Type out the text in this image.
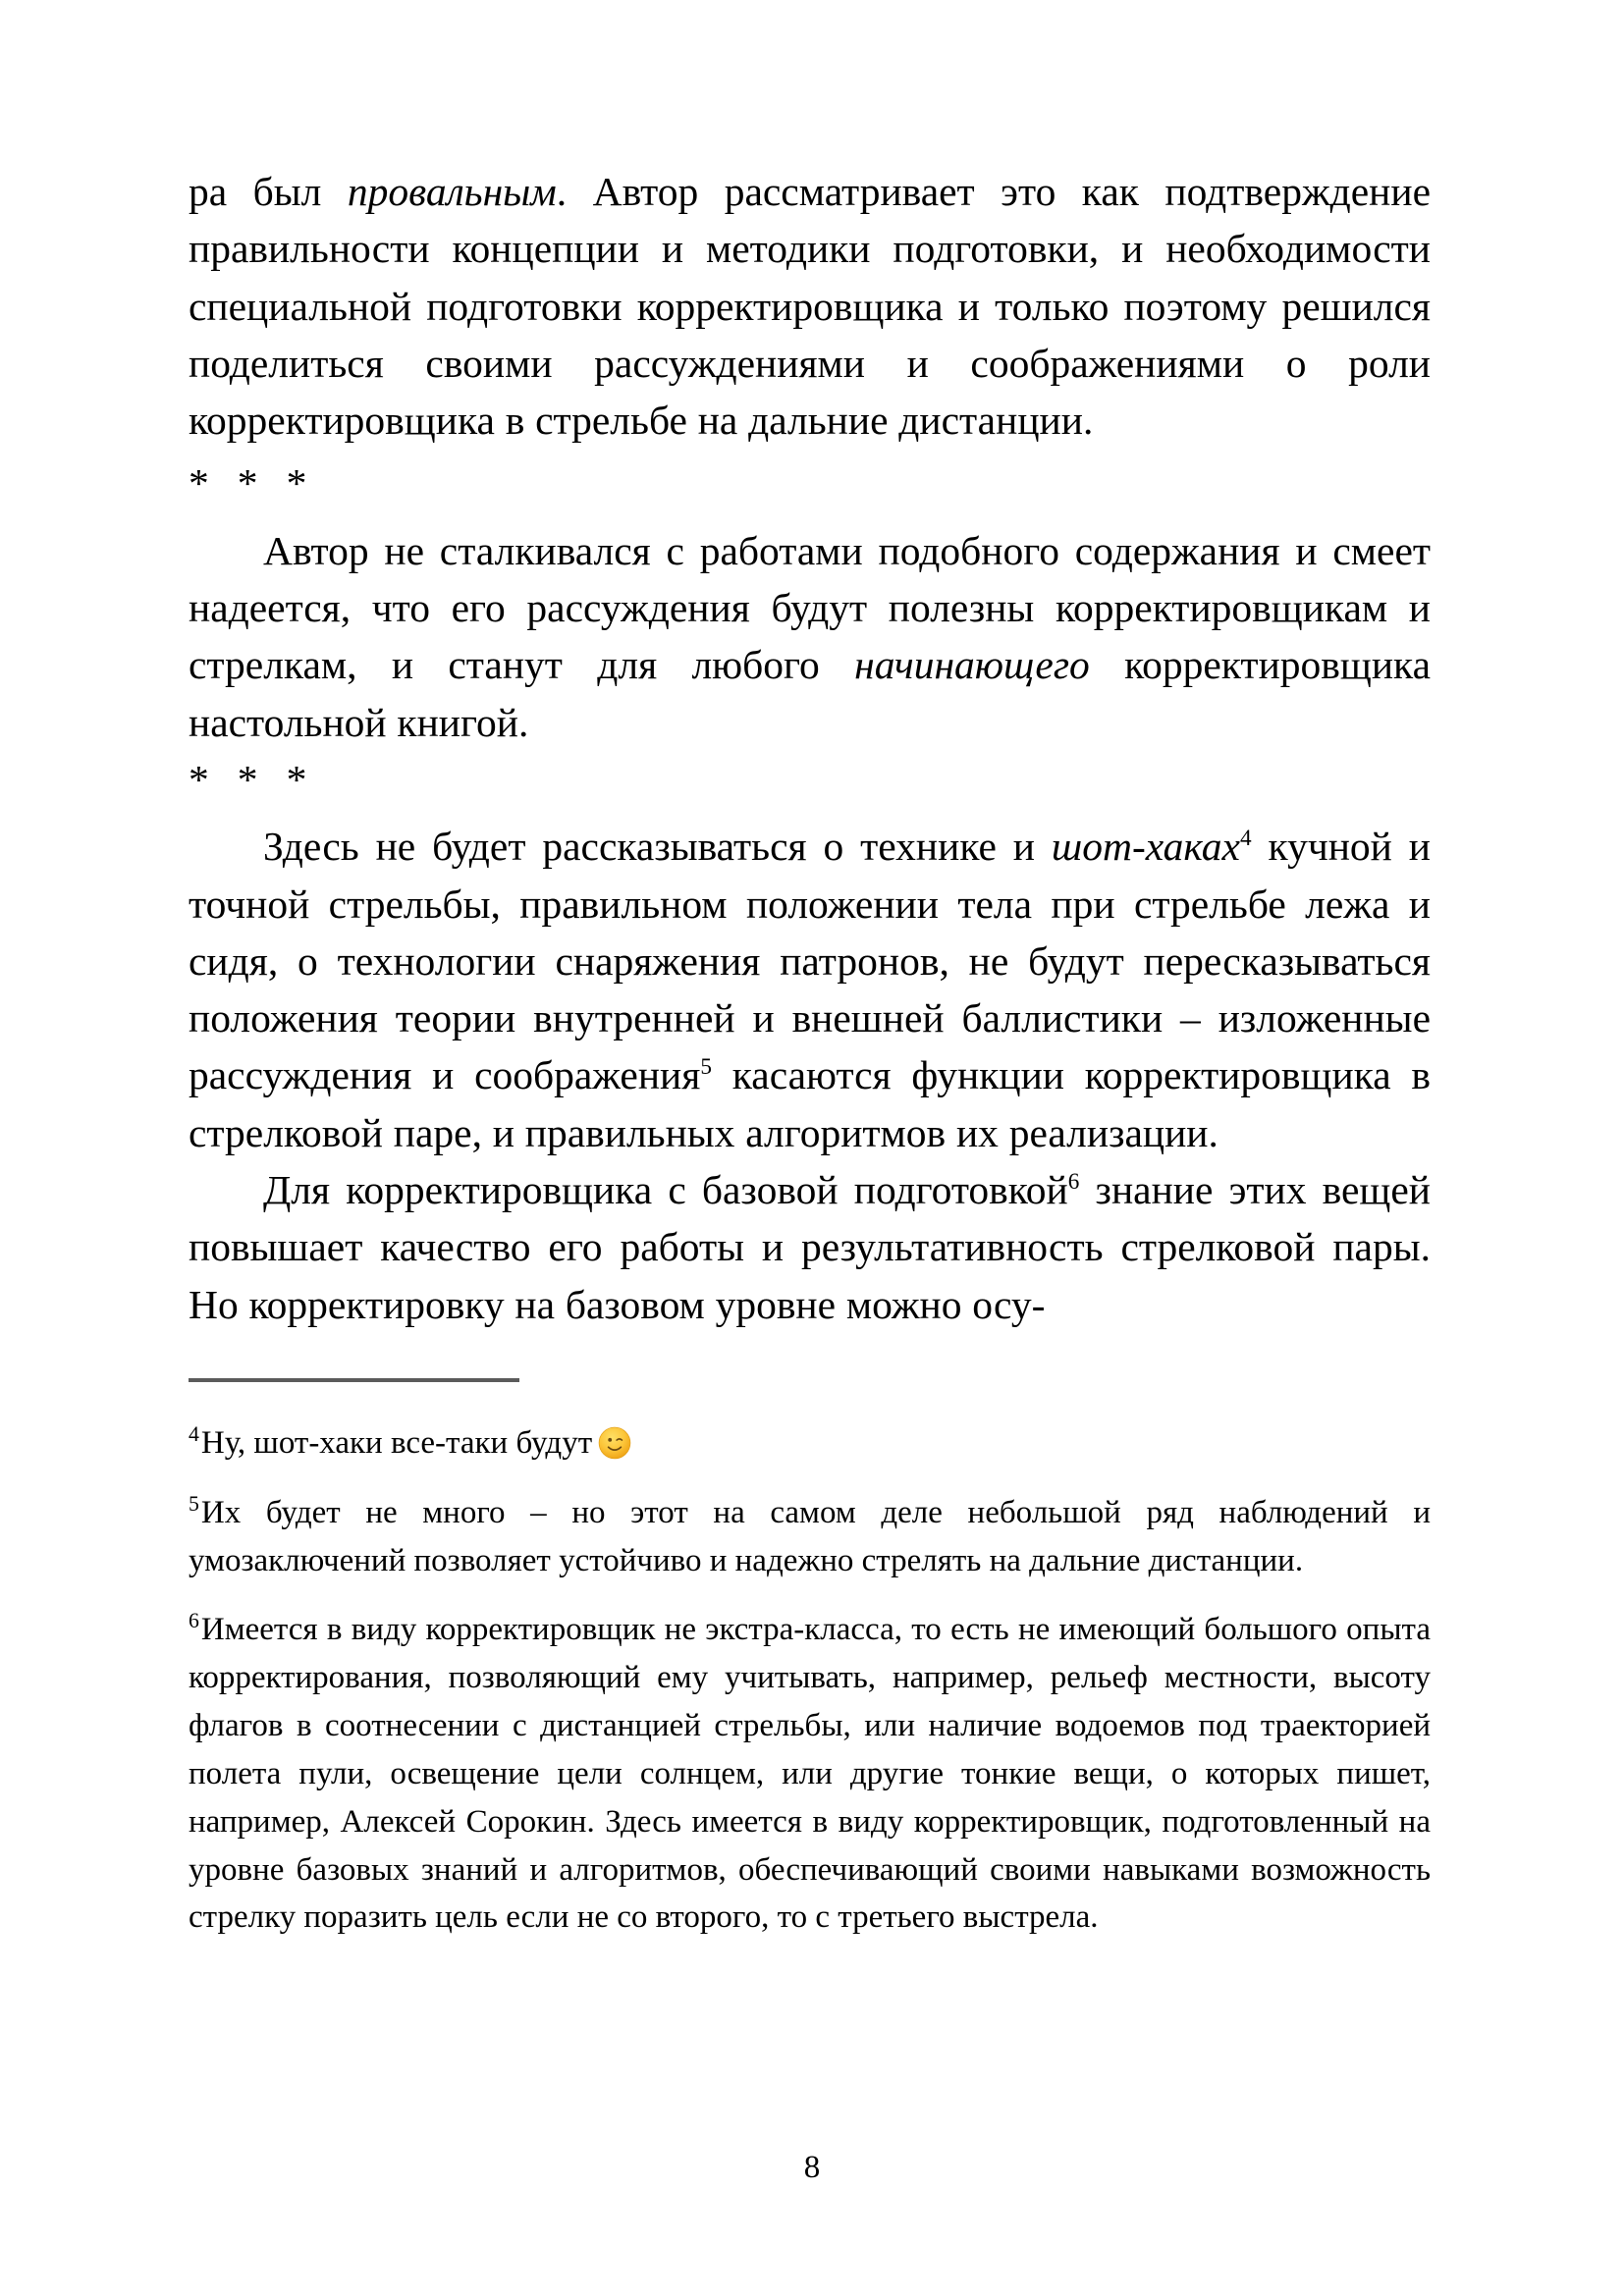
ра был провальным. Автор рассматривает это как подтверждение правильности концепции и методики подготовки, и необходимости специальной подготовки корректировщика и только поэтому решился поделиться своими рассуждениями и соображениями о роли корректировщика в стрельбе на дальние дистанции.

* * *

Автор не сталкивался с работами подобного содержания и смеет надеется, что его рассуждения будут полезны корректировщикам и стрелкам, и станут для любого начинающего корректировщика настольной книгой.

* * *

Здесь не будет рассказываться о технике и шот-хаках$^4$ кучной и точной стрельбы, правильном положении тела при стрельбе лежа и сидя, о технологии снаряжения патронов, не будут пересказываться положения теории внутренней и внешней баллистики – изложенные рассуждения и соображения$^5$ касаются функции корректировщика в стрелковой паре, и правильных алгоритмов их реализации.

Для корректировщика с базовой подготовкой$^6$ знание этих вещей повышает качество его работы и результативность стрелковой пары. Но корректировку на базовом уровне можно осу-

$^4$Ну, шот-хаки все-таки будут

$^5$Их будет не много – но этот на самом деле небольшой ряд наблюдений и умозаключений позволяет устойчиво и надежно стрелять на дальние дистанции.

$^6$Имеется в виду корректировщик не экстра-класса, то есть не имеющий большого опыта корректирования, позволяющий ему учитывать, например, рельеф местности, высоту флагов в соотнесении с дистанцией стрельбы, или наличие водоемов под траекторией полета пули, освещение цели солнцем, или другие тонкие вещи, о которых пишет, например, Алексей Сорокин. Здесь имеется в виду корректировщик, подготовленный на уровне базовых знаний и алгоритмов, обеспечивающий своими навыками возможность стрелку поразить цель если не со второго, то с третьего выстрела.

8
